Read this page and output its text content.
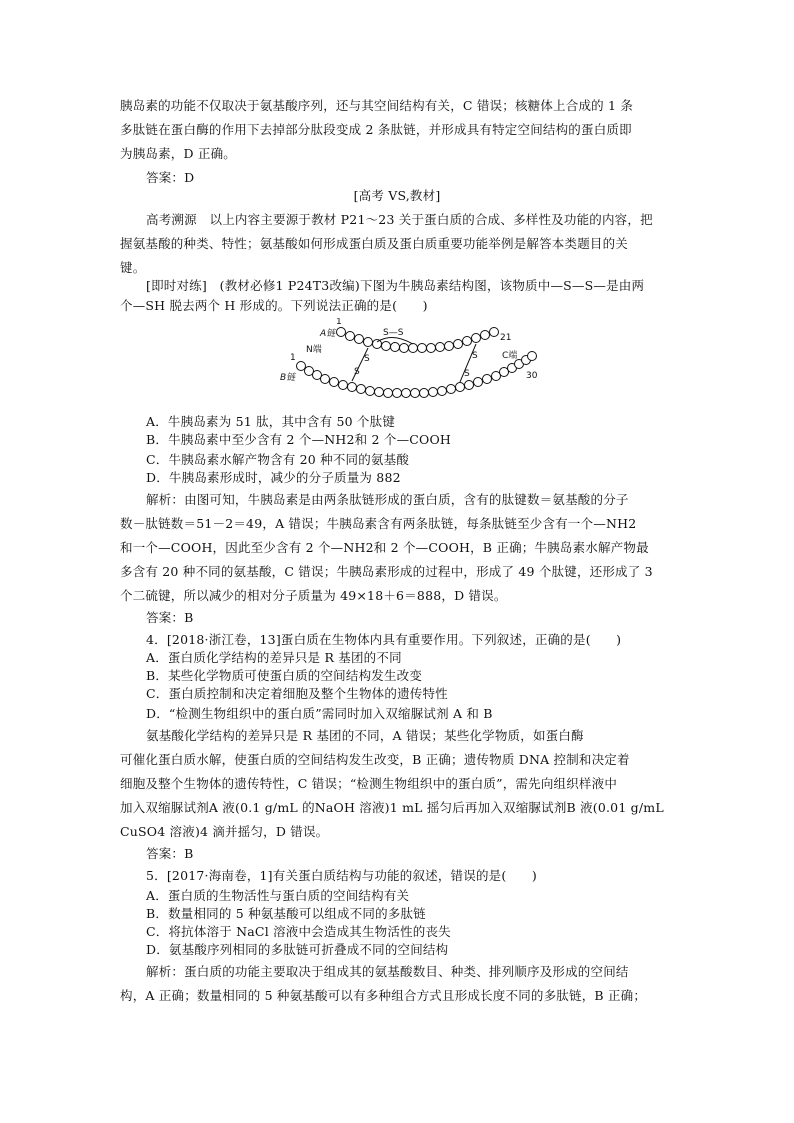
胰岛素的功能不仅取决于氨基酸序列，还与其空间结构有关，C 错误；核糖体上合成的 1 条
多肽链在蛋白酶的作用下去掉部分肽段变成 2 条肽链，并形成具有特定空间结构的蛋白质即
为胰岛素，D 正确。
答案：D
[高考 VS,教材]
高考溯源　以上内容主要源于教材 P21～23 关于蛋白质的合成、多样性及功能的内容，把
握氨基酸的种类、特性；氨基酸如何形成蛋白质及蛋白质重要功能举例是解答本类题目的关
键。
[即时对练]　(教材必修1 P24T3改编)下图为牛胰岛素结构图，该物质中—S—S—是由两
个—SH 脱去两个 H 形成的。下列说法正确的是(　　)
1
A链
N端
1
B链
S—S
S
S
S
S
21
C端
30
A．牛胰岛素为 51 肽，其中含有 50 个肽键
B．牛胰岛素中至少含有 2 个—NH2和 2 个—COOH
C．牛胰岛素水解产物含有 20 种不同的氨基酸
D．牛胰岛素形成时，减少的分子质量为 882
解析：由图可知，牛胰岛素是由两条肽链形成的蛋白质，含有的肽键数＝氨基酸的分子
数－肽链数＝51－2＝49，A 错误；牛胰岛素含有两条肽链，每条肽链至少含有一个—NH2
和一个—COOH，因此至少含有 2 个—NH2和 2 个—COOH，B 正确；牛胰岛素水解产物最
多含有 20 种不同的氨基酸，C 错误；牛胰岛素形成的过程中，形成了 49 个肽键，还形成了 3
个二硫键，所以减少的相对分子质量为 49×18＋6＝888，D 错误。
答案：B
4．[2018·浙江卷，13]蛋白质在生物体内具有重要作用。下列叙述，正确的是(　　)
A．蛋白质化学结构的差异只是 R 基团的不同
B．某些化学物质可使蛋白质的空间结构发生改变
C．蛋白质控制和决定着细胞及整个生物体的遗传特性
D．“检测生物组织中的蛋白质”需同时加入双缩脲试剂 A 和 B
氨基酸化学结构的差异只是 R 基团的不同，A 错误；某些化学物质，如蛋白酶
可催化蛋白质水解，使蛋白质的空间结构发生改变，B 正确；遗传物质 DNA 控制和决定着
细胞及整个生物体的遗传特性，C 错误；“检测生物组织中的蛋白质”，需先向组织样液中
加入双缩脲试剂A 液(0.1 g/mL 的NaOH 溶液)1 mL 摇匀后再加入双缩脲试剂B 液(0.01 g/mL
CuSO4 溶液)4 滴并摇匀，D 错误。
答案：B
5．[2017·海南卷，1]有关蛋白质结构与功能的叙述，错误的是(　　)
A．蛋白质的生物活性与蛋白质的空间结构有关
B．数量相同的 5 种氨基酸可以组成不同的多肽链
C．将抗体溶于 NaCl 溶液中会造成其生物活性的丧失
D．氨基酸序列相同的多肽链可折叠成不同的空间结构
解析：蛋白质的功能主要取决于组成其的氨基酸数目、种类、排列顺序及形成的空间结
构，A 正确；数量相同的 5 种氨基酸可以有多种组合方式且形成长度不同的多肽链，B 正确；
